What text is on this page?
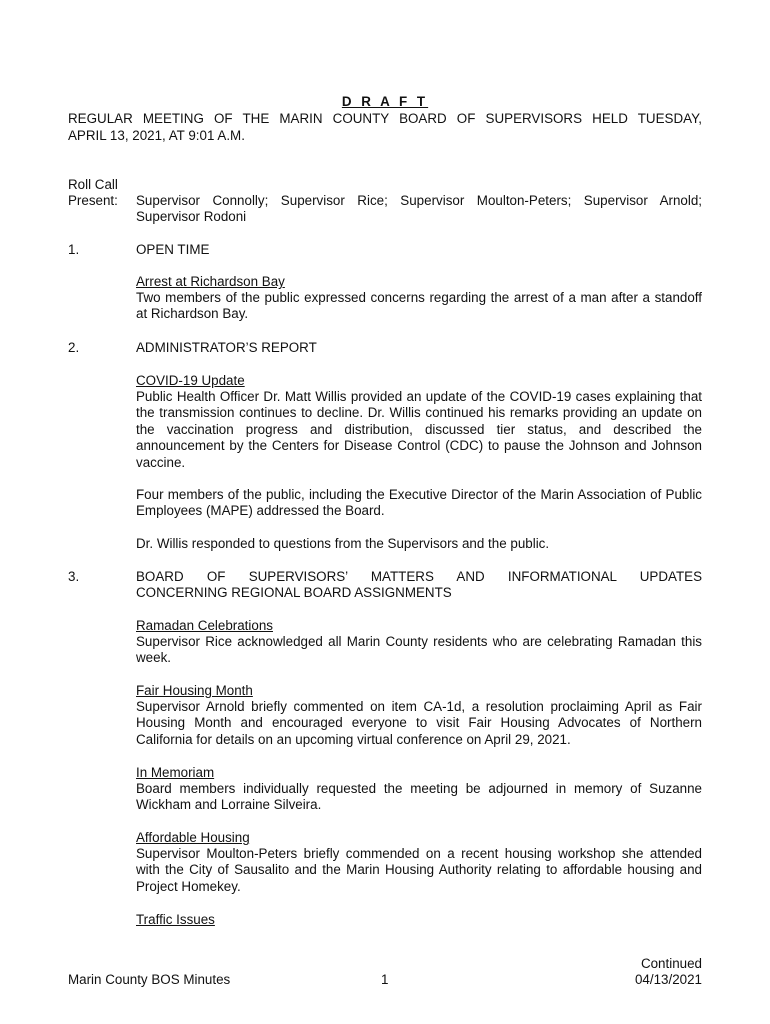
D R A F T
REGULAR MEETING OF THE MARIN COUNTY BOARD OF SUPERVISORS HELD TUESDAY,
APRIL 13, 2021, AT 9:01 A.M.
Roll Call
Present: Supervisor Connolly; Supervisor Rice; Supervisor Moulton-Peters; Supervisor Arnold;
Supervisor Rodoni
1.	OPEN TIME
Arrest at Richardson Bay
Two members of the public expressed concerns regarding the arrest of a man after a standoff at Richardson Bay.
2.	ADMINISTRATOR’S REPORT
COVID-19 Update
Public Health Officer Dr. Matt Willis provided an update of the COVID-19 cases explaining that the transmission continues to decline. Dr. Willis continued his remarks providing an update on the vaccination progress and distribution, discussed tier status, and described the announcement by the Centers for Disease Control (CDC) to pause the Johnson and Johnson vaccine.
Four members of the public, including the Executive Director of the Marin Association of Public Employees (MAPE) addressed the Board.
Dr. Willis responded to questions from the Supervisors and the public.
3.	BOARD OF SUPERVISORS’ MATTERS AND INFORMATIONAL UPDATES
CONCERNING REGIONAL BOARD ASSIGNMENTS
Ramadan Celebrations
Supervisor Rice acknowledged all Marin County residents who are celebrating Ramadan this week.
Fair Housing Month
Supervisor Arnold briefly commented on item CA-1d, a resolution proclaiming April as Fair Housing Month and encouraged everyone to visit Fair Housing Advocates of Northern California for details on an upcoming virtual conference on April 29, 2021.
In Memoriam
Board members individually requested the meeting be adjourned in memory of Suzanne Wickham and Lorraine Silveira.
Affordable Housing
Supervisor Moulton-Peters briefly commended on a recent housing workshop she attended with the City of Sausalito and the Marin Housing Authority relating to affordable housing and Project Homekey.
Traffic Issues
Marin County BOS Minutes	1
Continued
04/13/2021
